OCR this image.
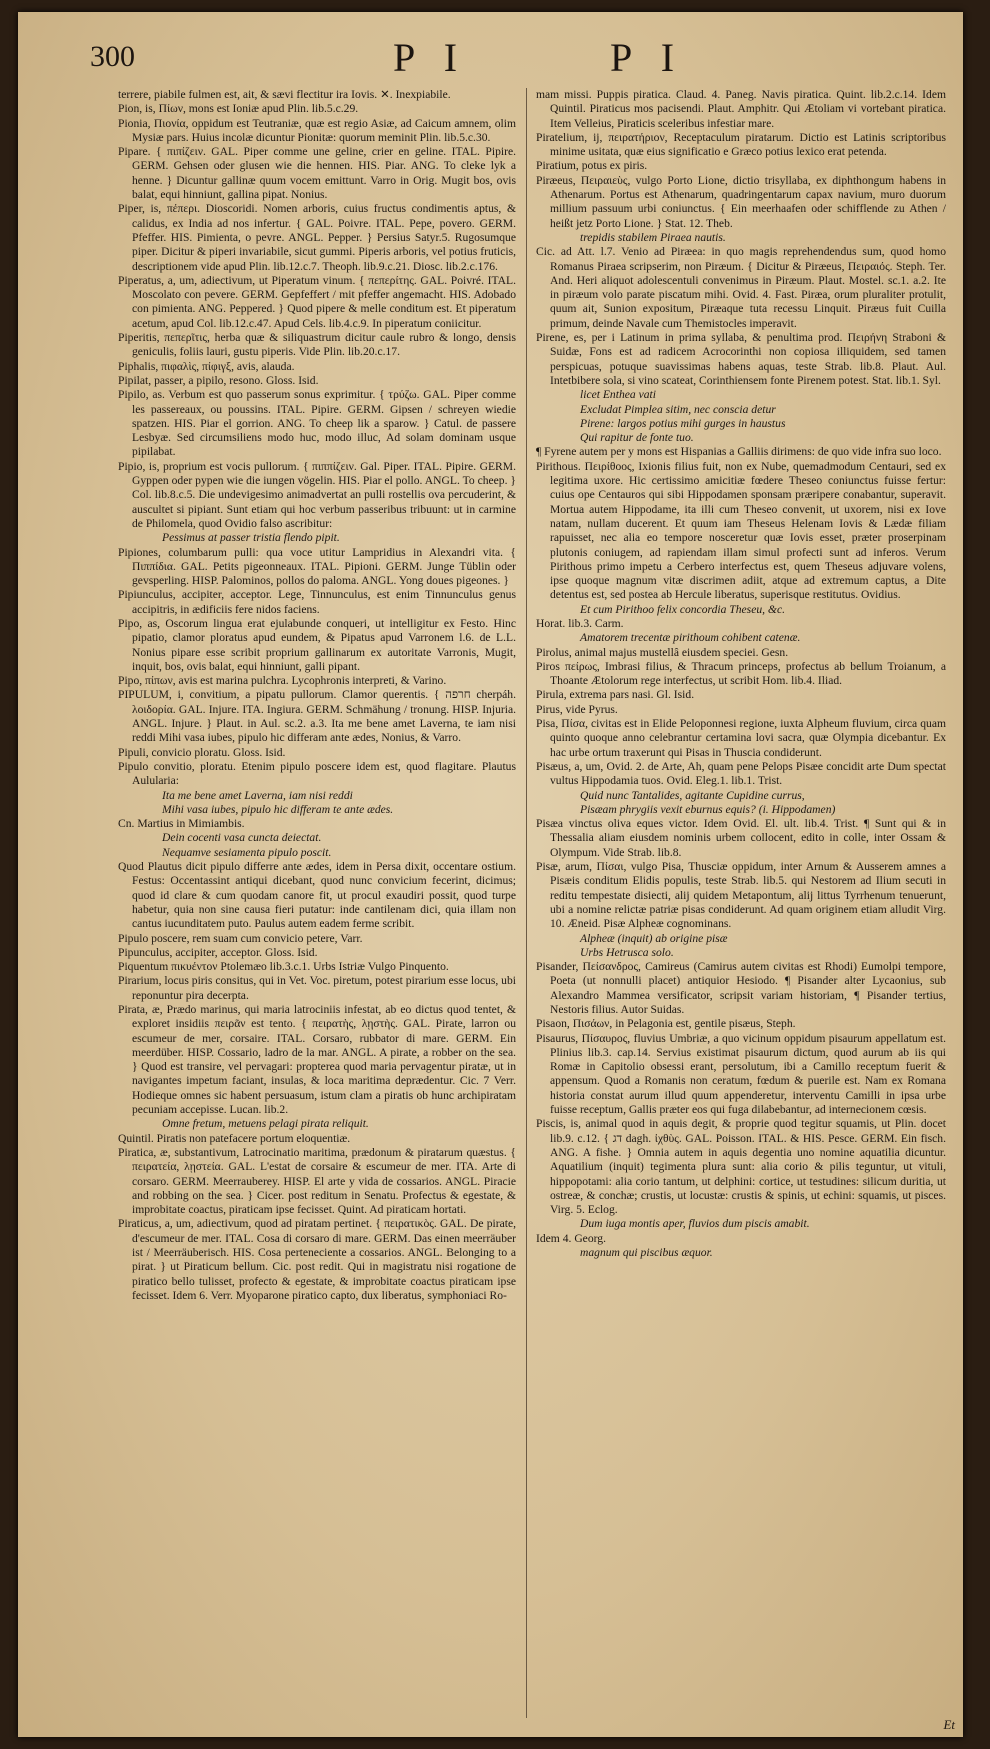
300	P I	P I

terrere, piabile fulmen est, ait, & sævi flectitur ira Iovis. ✕. Inexpiabile.

Pion, is, Πίων, mons est Ioniæ apud Plin. lib.5.c.29.

Pionia, Πιονία, oppidum est Teutraniæ, quæ est regio Asiæ, ad Caicum amnem, olim Mysiæ pars. Huius incolæ dicuntur Pionitæ: quorum meminit Plin. lib.5.c.30.

Pipare. { πιπίζειν. GAL. Piper comme une geline, crier en geline. ITAL. Pipire. GERM. Gehsen oder glusen wie die hennen. HIS. Piar. ANG. To cleke lyk a henne. } Dicuntur gallinæ quum vocem emittunt. Varro in Orig. Mugit bos, ovis balat, equi hinniunt, gallina pipat. Nonius.

Piper, is, πέπερι. Dioscoridi. Nomen arboris, cuius fructus condimentis aptus, & calidus, ex India ad nos infertur. { GAL. Poivre. ITAL. Pepe, povero. GERM. Pfeffer. HIS. Pimienta, o pevre. ANGL. Pepper. } Persius Satyr.5. Rugosumque piper. Dicitur & piperi invariabile, sicut gummi. Piperis arboris, vel potius fruticis, descriptionem vide apud Plin. lib.12.c.7. Theoph. lib.9.c.21. Diosc. lib.2.c.176.

Piperatus, a, um, adiectivum, ut Piperatum vinum. { πεπερίτης. GAL. Poivré. ITAL. Moscolato con pevere. GERM. Gepfeffert / mit pfeffer angemacht. HIS. Adobado con pimienta. ANG. Peppered. } Quod pipere & melle conditum est. Et piperatum acetum, apud Col. lib.12.c.47. Apud Cels. lib.4.c.9. In piperatum coniicitur.

Piperitis, πεπερῖτις, herba quæ & siliquastrum dicitur caule rubro & longo, densis geniculis, foliis lauri, gustu piperis. Vide Plin. lib.20.c.17.

Piphalis, πιφαλὶς, πίφιγξ, avis, alauda.

Pipilat, passer, a pipilo, resono. Gloss. Isid.

Pipilo, as. Verbum est quo passerum sonus exprimitur. { τρύζω. GAL. Piper comme les passereaux, ou poussins. ITAL. Pipire. GERM. Gipsen / schreyen wiedie spatzen. HIS. Piar el gorrion. ANG. To cheep lik a sparow. } Catul. de passere Lesbyæ. Sed circumsiliens modo huc, modo illuc, Ad solam dominam usque pipilabat.

Pipio, is, proprium est vocis pullorum. { πιππίζειν. Gal. Piper. ITAL. Pipire. GERM. Gyppen oder pypen wie die iungen vögelin. HIS. Piar el pollo. ANGL. To cheep. } Col. lib.8.c.5. Die undevigesimo animadvertat an pulli rostellis ova percuderint, & auscultet si pipiant. Sunt etiam qui hoc verbum passeribus tribuunt: ut in carmine de Philomela, quod Ovidio falso ascribitur:

Pessimus at passer tristia flendo pipit.

Pipiones, columbarum pulli: qua voce utitur Lampridius in Alexandri vita. { Πιππίδια. GAL. Petits pigeonneaux. ITAL. Pipioni. GERM. Junge Tüblin oder gevsperling. HISP. Palominos, pollos do paloma. ANGL. Yong doues pigeones. }

Pipiunculus, accipiter, acceptor. Lege, Tinnunculus, est enim Tinnunculus genus accipitris, in ædificiis fere nidos faciens.

Pipo, as, Oscorum lingua erat ejulabunde conqueri, ut intelligitur ex Festo. Hinc pipatio, clamor ploratus apud eundem, & Pipatus apud Varronem l.6. de L.L. Nonius pipare esse scribit proprium gallinarum ex autoritate Varronis, Mugit, inquit, bos, ovis balat, equi hinniunt, galli pipant.

Pipo, πίπων, avis est marina pulchra. Lycophronis interpreti, & Varino.

PIPULUM, i, convitium, a pipatu pullorum. Clamor querentis. { חרפה cherpáh. λοιδορία. GAL. Injure. ITA. Ingiura. GERM. Schmähung / tronung. HISP. Injuria. ANGL. Injure. } Plaut. in Aul. sc.2. a.3. Ita me bene amet Laverna, te iam nisi reddi Mihi vasa iubes, pipulo hic differam ante ædes, Nonius, & Varro.

Pipuli, convicio ploratu. Gloss. Isid.

Pipulo convitio, ploratu. Etenim pipulo poscere idem est, quod flagitare. Plautus Aulularia:

Ita me bene amet Laverna, iam nisi reddi

Mihi vasa iubes, pipulo hic differam te ante ædes.

Cn. Martius in Mimiambis.

Dein cocenti vasa cuncta deiectat.

Nequamve sesiamenta pipulo poscit.

Quod Plautus dicit pipulo differre ante ædes, idem in Persa dixit, occentare ostium. Festus: Occentassint antiqui dicebant, quod nunc convicium fecerint, dicimus; quod id clare & cum quodam canore fit, ut procul exaudiri possit, quod turpe habetur, quia non sine causa fieri putatur: inde cantilenam dici, quia illam non cantus iucunditatem puto. Paulus autem eadem ferme scribit.

Pipulo poscere, rem suam cum convicio petere, Varr.

Pipunculus, accipiter, acceptor. Gloss. Isid.

Piquentum πικυέντον Ptolemæo lib.3.c.1. Urbs Istriæ Vulgo Pinquento.

Pirarium, locus piris consitus, qui in Vet. Voc. piretum, potest pirarium esse locus, ubi reponuntur pira decerpta.

Pirata, æ, Prædo marinus, qui maria latrociniis infestat, ab eo dictus quod tentet, & exploret insidiis πειρᾶν est tento. { πειρατὴς, λῃστὴς. GAL. Pirate, larron ou escumeur de mer, corsaire. ITAL. Corsaro, rubbator di mare. GERM. Ein meerdüber. HISP. Cossario, ladro de la mar. ANGL. A pirate, a robber on the sea. } Quod est transire, vel pervagari: propterea quod maria pervagentur piratæ, ut in navigantes impetum faciant, insulas, & loca maritima deprædentur. Cic. 7 Verr. Hodieque omnes sic habent persuasum, istum clam a piratis ob hunc archipiratam pecuniam accepisse. Lucan. lib.2.

Omne fretum, metuens pelagi pirata reliquit.

Quintil. Piratis non patefacere portum eloquentiæ.

Piratica, æ, substantivum, Latrocinatio maritima, prædonum & piratarum quæstus. { πειρατεία, λῃστεία. GAL. L'estat de corsaire & escumeur de mer. ITA. Arte di corsaro. GERM. Meerrauberey. HISP. El arte y vida de cossarios. ANGL. Piracie and robbing on the sea. } Cicer. post reditum in Senatu. Profectus & egestate, & improbitate coactus, piraticam ipse fecisset. Quint. Ad piraticam hortati.

Piraticus, a, um, adiectivum, quod ad piratam pertinet. { πειρατικὸς. GAL. De pirate, d'escumeur de mer. ITAL. Cosa di corsaro di mare. GERM. Das einen meerräuber ist / Meerräuberisch. HIS. Cosa perteneciente a cossarios. ANGL. Belonging to a pirat. } ut Piraticum bellum. Cic. post redit. Qui in magistratu nisi rogatione de piratico bello tulisset, profecto & egestate, & improbitate coactus piraticam ipse fecisset. Idem 6. Verr. Myoparone piratico capto, dux liberatus, symphoniaci Ro-

mam missi. Puppis piratica. Claud. 4. Paneg. Navis piratica. Quint. lib.2.c.14. Idem Quintil. Piraticus mos pacisendi. Plaut. Amphitr. Qui Ætoliam vi vortebant piratica. Item Velleius, Piraticis sceleribus infestiar mare.

Piratelium, ij, πειρατήριον, Receptaculum piratarum. Dictio est Latinis scriptoribus minime usitata, quæ eius significatio e Græco potius lexico erat petenda.

Piratium, potus ex piris.

Piræeus, Πειραιεὺς, vulgo Porto Lione, dictio trisyllaba, ex diphthongum habens in Athenarum. Portus est Athenarum, quadringentarum capax navium, muro duorum millium passuum urbi coniunctus. { Ein meerhaafen oder schifflende zu Athen / heißt jetz Porto Lione. } Stat. 12. Theb.

trepidis stabilem Piraea nautis.

Cic. ad Att. l.7. Venio ad Piræea: in quo magis reprehendendus sum, quod homo Romanus Piraea scripserim, non Piræum. { Dicitur & Piræeus, Πειραιός. Steph. Ter. And. Heri aliquot adolescentuli convenimus in Piræum. Plaut. Mostel. sc.1. a.2. Ite in piræum volo parate piscatum mihi. Ovid. 4. Fast. Piræa, orum pluraliter protulit, quum ait, Sunion expositum, Piræaque tuta recessu Linquit. Piræus fuit Cuilla primum, deinde Navale cum Themistocles imperavit.

Pirene, es, per i Latinum in prima syllaba, & penultima prod. Πειρήνη Straboni & Suidæ, Fons est ad radicem Acrocorinthi non copiosa illiquidem, sed tamen perspicuas, potuque suavissimas habens aquas, teste Strab. lib.8. Plaut. Aul. Intetbibere sola, si vino scateat, Corinthiensem fonte Pirenem potest. Stat. lib.1. Syl.

licet Enthea vati

Excludat Pimplea sitim, nec conscia detur

Pirene: largos potius mihi gurges in haustus

Qui rapitur de fonte tuo.

¶ Fyrene autem per y mons est Hispanias a Galliis dirimens: de quo vide infra suo loco.

Pirithous. Πειρίθοος, Ixionis filius fuit, non ex Nube, quemadmodum Centauri, sed ex legitima uxore. Hic certissimo amicitiæ fœdere Theseo coniunctus fuisse fertur: cuius ope Centauros qui sibi Hippodamen sponsam præripere conabantur, superavit. Mortua autem Hippodame, ita illi cum Theseo convenit, ut uxorem, nisi ex Iove natam, nullam ducerent. Et quum iam Theseus Helenam Iovis & Lædæ filiam rapuisset, nec alia eo tempore nosceretur quæ Iovis esset, præter proserpinam plutonis coniugem, ad rapiendam illam simul profecti sunt ad inferos. Verum Pirithous primo impetu a Cerbero interfectus est, quem Theseus adjuvare volens, ipse quoque magnum vitæ discrimen adiit, atque ad extremum captus, a Dite detentus est, sed postea ab Hercule liberatus, superisque restitutus. Ovidius.

Et cum Pirithoo felix concordia Theseu, &c.

Horat. lib.3. Carm.

Amatorem trecentæ pirithoum cohibent catenæ.

Pirolus, animal majus mustellâ eiusdem speciei. Gesn.

Piros πείρως, Imbrasi filius, & Thracum princeps, profectus ab bellum Troianum, a Thoante Ætolorum rege interfectus, ut scribit Hom. lib.4. Iliad.

Pirula, extrema pars nasi. Gl. Isid.

Pirus, vide Pyrus.

Pisa, Πίσα, civitas est in Elide Peloponnesi regione, iuxta Alpheum fluvium, circa quam quinto quoque anno celebrantur certamina lovi sacra, quæ Olympia dicebantur. Ex hac urbe ortum traxerunt qui Pisas in Thuscia condiderunt.

Pisæus, a, um, Ovid. 2. de Arte, Ah, quam pene Pelops Pisæe concidit arte Dum spectat vultus Hippodamia tuos. Ovid. Eleg.1. lib.1. Trist.

Quid nunc Tantalides, agitante Cupidine currus,

Pisæam phrygiis vexit eburnus equis? (i. Hippodamen)

Pisæa vinctus oliva eques victor. Idem Ovid. El. ult. lib.4. Trist. ¶ Sunt qui & in Thessalia aliam eiusdem nominis urbem collocent, edito in colle, inter Ossam & Olympum. Vide Strab. lib.8.

Pisæ, arum, Πίσαι, vulgo Pisa, Thusciæ oppidum, inter Arnum & Ausserem amnes a Pisæis conditum Elidis populis, teste Strab. lib.5. qui Nestorem ad Ilium secuti in reditu tempestate disiecti, alij quidem Metapontum, alij littus Tyrrhenum tenuerunt, ubi a nomine relictæ patriæ pisas condiderunt. Ad quam originem etiam alludit Virg. 10. Æneid. Pisæ Alpheæ cognominans.

Alpheæ (inquit) ab origine pisæ

Urbs Hetrusca solo.

Pisander, Πείσανδρος, Camireus (Camirus autem civitas est Rhodi) Eumolpi tempore, Poeta (ut nonnulli placet) antiquior Hesiodo. ¶ Pisander alter Lycaonius, sub Alexandro Mammea versificator, scripsit variam historiam, ¶ Pisander tertius, Nestoris filius. Autor Suidas.

Pisaon, Πισάων, in Pelagonia est, gentile pisæus, Steph.

Pisaurus, Πίσαυρος, fluvius Umbriæ, a quo vicinum oppidum pisaurum appellatum est. Plinius lib.3. cap.14. Servius existimat pisaurum dictum, quod aurum ab iis qui Romæ in Capitolio obsessi erant, persolutum, ibi a Camillo receptum fuerit & appensum. Quod a Romanis non ceratum, fœdum & puerile est. Nam ex Romana historia constat aurum illud quum appenderetur, interventu Camilli in ipsa urbe fuisse receptum, Gallis præter eos qui fuga dilabebantur, ad internecionem cœsis.

Piscis, is, animal quod in aquis degit, & proprie quod tegitur squamis, ut Plin. docet lib.9. c.12. { דג dagh. ἰχθὺς. GAL. Poisson. ITAL. & HIS. Pesce. GERM. Ein fisch. ANG. A fishe. } Omnia autem in aquis degentia uno nomine aquatilia dicuntur. Aquatilium (inquit) tegimenta plura sunt: alia corio & pilis teguntur, ut vituli, hippopotami: alia corio tantum, ut delphini: cortice, ut testudines: silicum duritia, ut ostreæ, & conchæ; crustis, ut locustæ: crustis & spinis, ut echini: squamis, ut pisces. Virg. 5. Eclog.

Dum iuga montis aper, fluvios dum piscis amabit.

Idem 4. Georg.

magnum qui piscibus æquor.

Et
